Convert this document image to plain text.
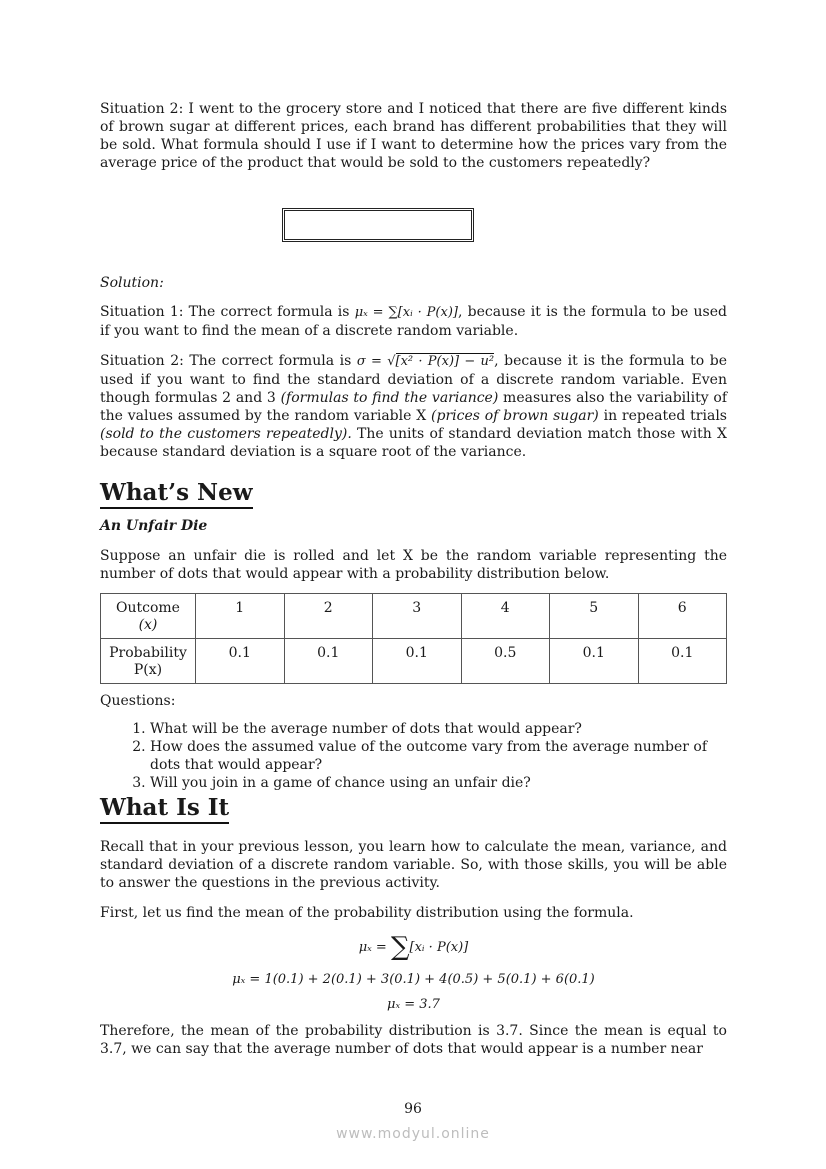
Situation 2: I went to the grocery store and I noticed that there are five different kinds of brown sugar at different prices, each brand has different probabilities that they will be sold. What formula should I use if I want to determine how the prices vary from the average price of the product that would be sold to the customers repeatedly?

Solution:

Situation 1: The correct formula is μₓ = ∑[xᵢ · P(x)], because it is the formula to be used if you want to find the mean of a discrete random variable.

Situation 2: The correct formula is σ = √[x² · P(x)] − u², because it is the formula to be used if you want to find the standard deviation of a discrete random variable. Even though formulas 2 and 3 (formulas to find the variance) measures also the variability of the values assumed by the random variable X (prices of brown sugar) in repeated trials (sold to the customers repeatedly). The units of standard deviation match those with X because standard deviation is a square root of the variance.

What’s New

An Unfair Die

Suppose an unfair die is rolled and let X be the random variable representing the number of dots that would appear with a probability distribution below.

Outcome
(x)	1	2	3	4	5	6
Probability
P(x)	0.1	0.1	0.1	0.5	0.1	0.1

Questions:

1. What will be the average number of dots that would appear?
2. How does the assumed value of the outcome vary from the average number of dots that would appear?
3. Will you join in a game of chance using an unfair die?
What Is It

Recall that in your previous lesson, you learn how to calculate the mean, variance, and standard deviation of a discrete random variable. So, with those skills, you will be able to answer the questions in the previous activity.

First, let us find the mean of the probability distribution using the formula.

μₓ = ∑[xᵢ · P(x)]
μₓ = 1(0.1) + 2(0.1) + 3(0.1) + 4(0.5) + 5(0.1) + 6(0.1)
μₓ = 3.7

Therefore, the mean of the probability distribution is 3.7. Since the mean is equal to 3.7, we can say that the average number of dots that would appear is a number near

96
www.modyul.online
